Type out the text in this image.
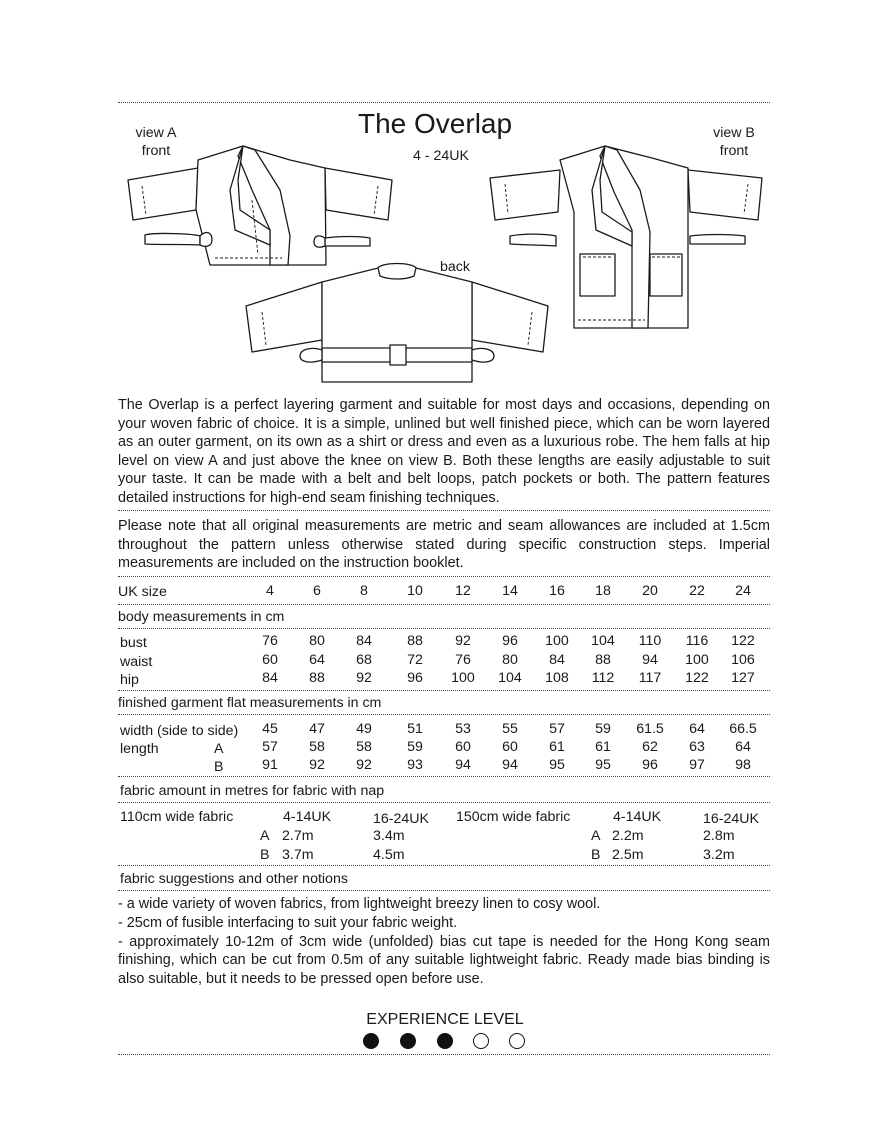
The Overlap
4 - 24UK
view A
front
view B
front
back

The Overlap is a perfect layering garment and suitable for most days and occasions, depending on your woven fabric of choice. It is a simple, unlined but well finished piece, which can be worn layered as an outer garment, on its own as a shirt or dress and even as a luxurious robe. The hem falls at hip level on view A and just above the knee on view B. Both these lengths are easily adjustable to suit your taste. It can be made with a belt and belt loops, patch pockets or both. The pattern features detailed instructions for high-end seam finishing techniques.

Please note that all original measurements are metric and seam allowances are included at 1.5cm throughout the pattern unless otherwise stated during specific construction steps. Imperial measurements are included on the instruction booklet.

UK size	4	6	8	10	12	14	16	18	20	22	24
body measurements in cm
bust	76	80	84	88	92	96	100	104	110	116	122
waist	60	64	68	72	76	80	84	88	94	100	106
hip	84	88	92	96	100	104	108	112	117	122	127
finished garment flat measurements in cm
width (side to side)	45	47	49	51	53	55	57	59	61.5	64	66.5
length	A	57	58	58	59	60	60	61	61	62	63	64
B	91	92	92	93	94	94	95	95	96	97	98
fabric amount in metres for fabric with nap
110cm wide fabric	4-14UK	16-24UK
A 2.7m	3.4m
B 3.7m	4.5m
150cm wide fabric	4-14UK	16-24UK
A 2.2m	2.8m
B 2.5m	3.2m
fabric suggestions and other notions
- a wide variety of woven fabrics, from lightweight breezy linen to cosy wool.
- 25cm of fusible interfacing to suit your fabric weight.
- approximately 10-12m of 3cm wide (unfolded) bias cut tape is needed for the Hong Kong seam finishing, which can be cut from 0.5m of any suitable lightweight fabric. Ready made bias binding is also suitable, but it needs to be pressed open before use.
EXPERIENCE LEVEL
